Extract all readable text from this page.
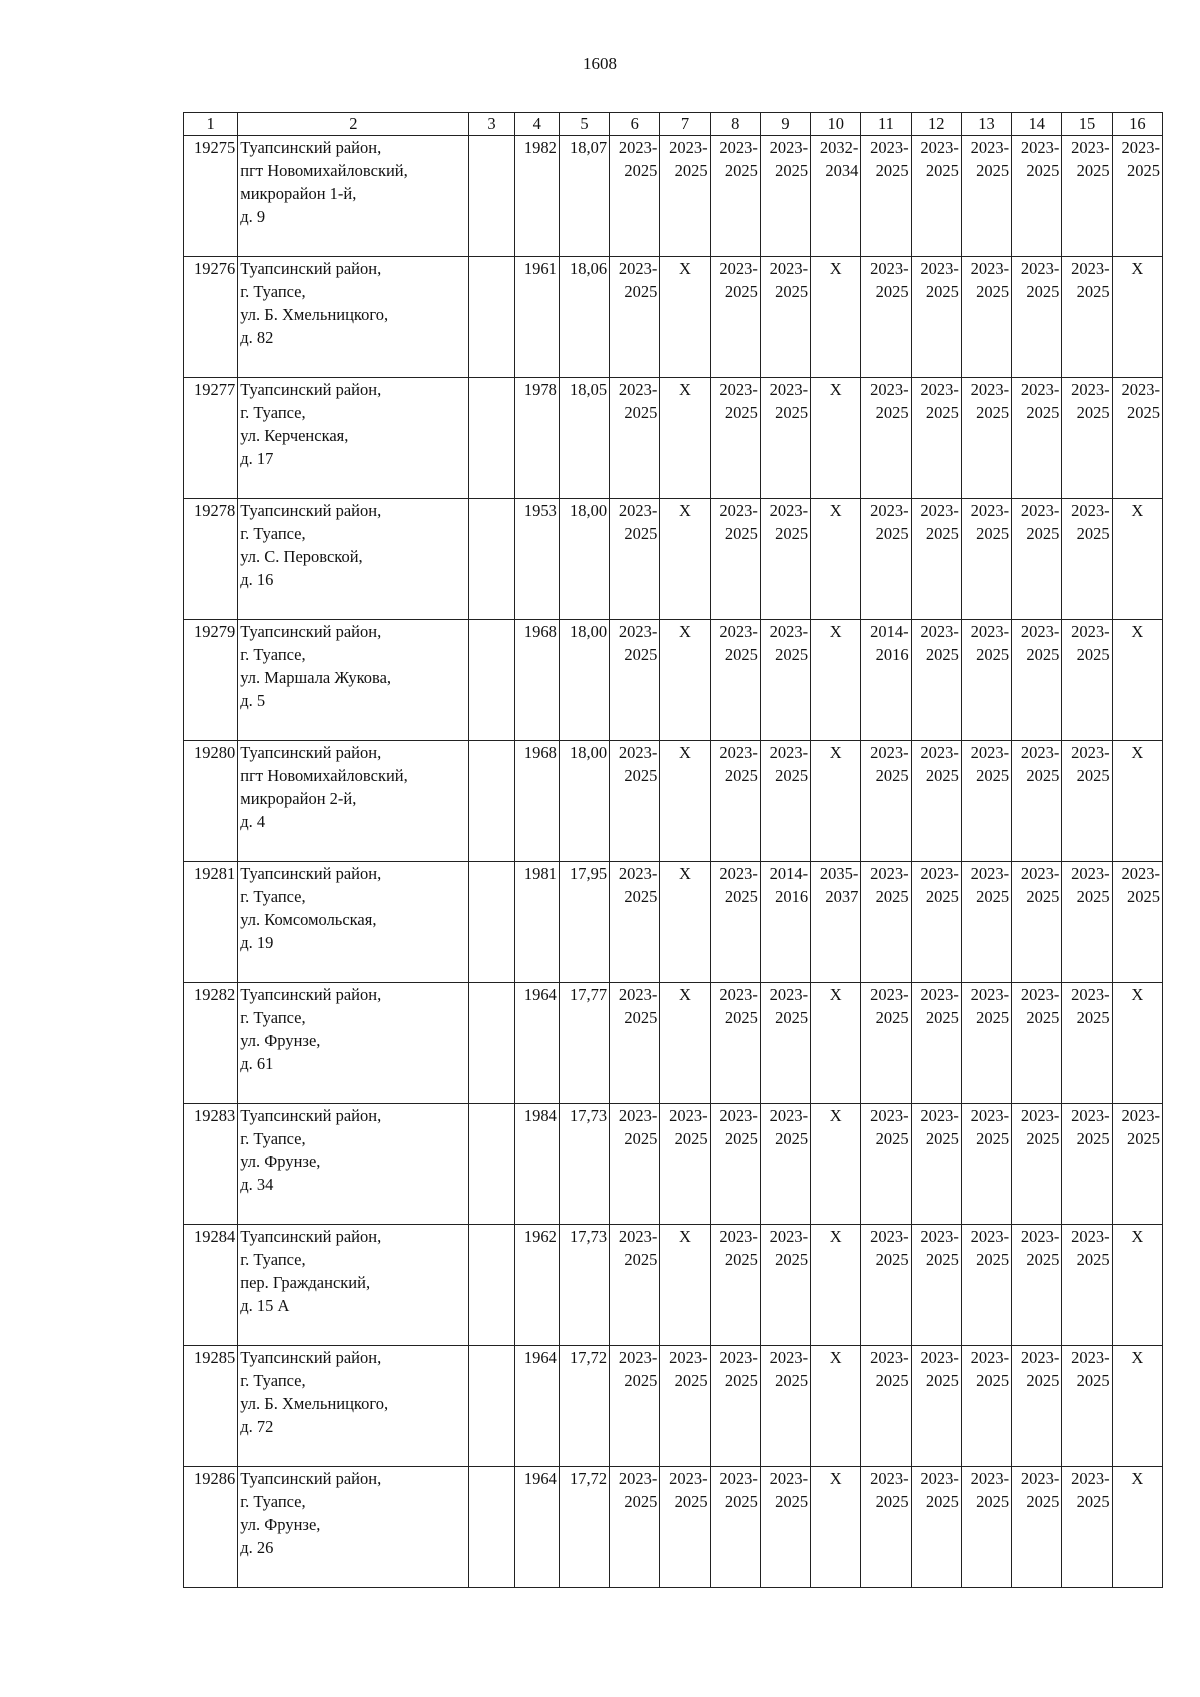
1608
1	2	3	4	5	6	7	8	9	10	11	12	13	14	15	16
19275	Туапсинский район,
пгт Новомихайловский,
микрорайон 1-й,
д. 9		1982	18,07	2023-
2025	2023-
2025	2023-
2025	2023-
2025	2032-
2034	2023-
2025	2023-
2025	2023-
2025	2023-
2025	2023-
2025	2023-
2025

19276	Туапсинский район,
г. Туапсе,
ул. Б. Хмельницкого,
д. 82		1961	18,06	2023-
2025	X	2023-
2025	2023-
2025	X	2023-
2025	2023-
2025	2023-
2025	2023-
2025	2023-
2025	X
19277	Туапсинский район,
г. Туапсе,
ул. Керченская,
д. 17		1978	18,05	2023-
2025	X	2023-
2025	2023-
2025	X	2023-
2025	2023-
2025	2023-
2025	2023-
2025	2023-
2025	2023-
2025

19278	Туапсинский район,
г. Туапсе,
ул. С. Перовской,
д. 16		1953	18,00	2023-
2025	X	2023-
2025	2023-
2025	X	2023-
2025	2023-
2025	2023-
2025	2023-
2025	2023-
2025	X
19279	Туапсинский район,
г. Туапсе,
ул. Маршала Жукова,
д. 5		1968	18,00	2023-
2025	X	2023-
2025	2023-
2025	X	2014-
2016	2023-
2025	2023-
2025	2023-
2025	2023-
2025	X
19280	Туапсинский район,
пгт Новомихайловский,
микрорайон 2-й,
д. 4		1968	18,00	2023-
2025	X	2023-
2025	2023-
2025	X	2023-
2025	2023-
2025	2023-
2025	2023-
2025	2023-
2025	X
19281	Туапсинский район,
г. Туапсе,
ул. Комсомольская,
д. 19		1981	17,95	2023-
2025	X	2023-
2025	2014-
2016	2035-
2037	2023-
2025	2023-
2025	2023-
2025	2023-
2025	2023-
2025	2023-
2025

19282	Туапсинский район,
г. Туапсе,
ул. Фрунзе,
д. 61		1964	17,77	2023-
2025	X	2023-
2025	2023-
2025	X	2023-
2025	2023-
2025	2023-
2025	2023-
2025	2023-
2025	X
19283	Туапсинский район,
г. Туапсе,
ул. Фрунзе,
д. 34		1984	17,73	2023-
2025	2023-
2025	2023-
2025	2023-
2025	X	2023-
2025	2023-
2025	2023-
2025	2023-
2025	2023-
2025	2023-
2025

19284	Туапсинский район,
г. Туапсе,
пер. Гражданский,
д. 15 А		1962	17,73	2023-
2025	X	2023-
2025	2023-
2025	X	2023-
2025	2023-
2025	2023-
2025	2023-
2025	2023-
2025	X
19285	Туапсинский район,
г. Туапсе,
ул. Б. Хмельницкого,
д. 72		1964	17,72	2023-
2025	2023-
2025	2023-
2025	2023-
2025	X	2023-
2025	2023-
2025	2023-
2025	2023-
2025	2023-
2025	X
19286	Туапсинский район,
г. Туапсе,
ул. Фрунзе,
д. 26		1964	17,72	2023-
2025	2023-
2025	2023-
2025	2023-
2025	X	2023-
2025	2023-
2025	2023-
2025	2023-
2025	2023-
2025	X
